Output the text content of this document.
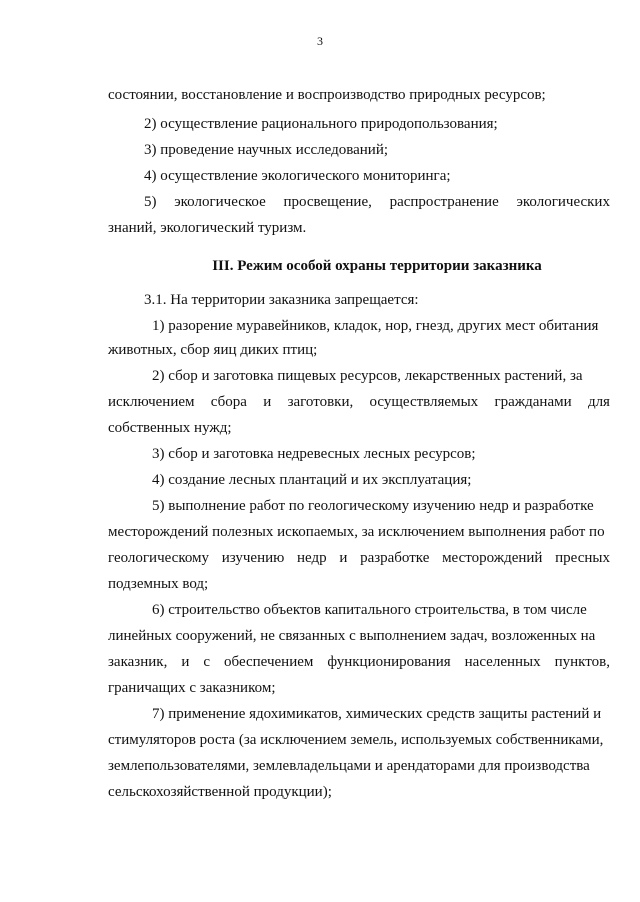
3
состоянии, восстановление и воспроизводство природных ресурсов;
2) осуществление рационального природопользования;
3) проведение научных исследований;
4) осуществление экологического мониторинга;
5) экологическое просвещение, распространение экологических
знаний, экологический туризм.
III. Режим особой охраны территории заказника
3.1. На территории заказника запрещается:
1) разорение муравейников, кладок, нор, гнезд, других мест обитания
животных, сбор яиц диких птиц;
2) сбор и заготовка пищевых ресурсов, лекарственных растений, за
исключением сбора и заготовки, осуществляемых гражданами для
собственных нужд;
3) сбор и заготовка недревесных лесных ресурсов;
4) создание лесных плантаций и их эксплуатация;
5) выполнение работ по геологическому изучению недр и разработке
месторождений полезных ископаемых, за исключением выполнения работ по
геологическому изучению недр и разработке месторождений пресных
подземных вод;
6) строительство объектов капитального строительства, в том числе
линейных сооружений, не связанных с выполнением задач, возложенных на
заказник, и с обеспечением функционирования населенных пунктов,
граничащих с заказником;
7) применение ядохимикатов, химических средств защиты растений и
стимуляторов роста (за исключением земель, используемых собственниками,
землепользователями, землевладельцами и арендаторами для производства
сельскохозяйственной продукции);
